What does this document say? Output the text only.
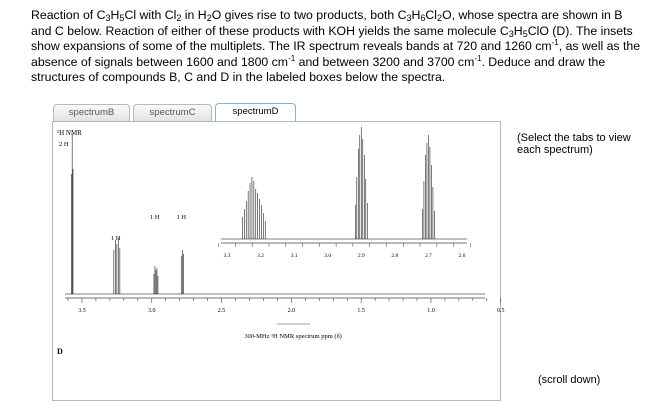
Reaction of $C_3H_5Cl$ with $Cl_2$ in $H_2O$ gives rise to two products, both $C_3H_6Cl_2O$, whose spectra are shown in B and C below. Reaction of either of these products with KOH yields the same molecule $C_3H_5ClO$ (D). The insets show expansions of some of the multiplets. The IR spectrum reveals bands at 720 and 1260 $cm^{-1}$, as well as the absence of signals between 1600 and 1800 $cm^{-1}$ and between 3200 and 3700 $cm^{-1}$. Deduce and draw the structures of compounds B, C and D in the labeled boxes below the spectra.
spectrumB	spectrumC	spectrumD
¹H NMR
D
300-MHz ¹H NMR spectrum ppm (δ)
3.5	3.0	2.5	2.0	1.5	1.0	0.5
3.3	3.2	3.1	3.0	2.9	2.8	2.7	2.6
2 H
1 H
1 H	1 H
(Select the tabs to view each spectrum)
(scroll down)
